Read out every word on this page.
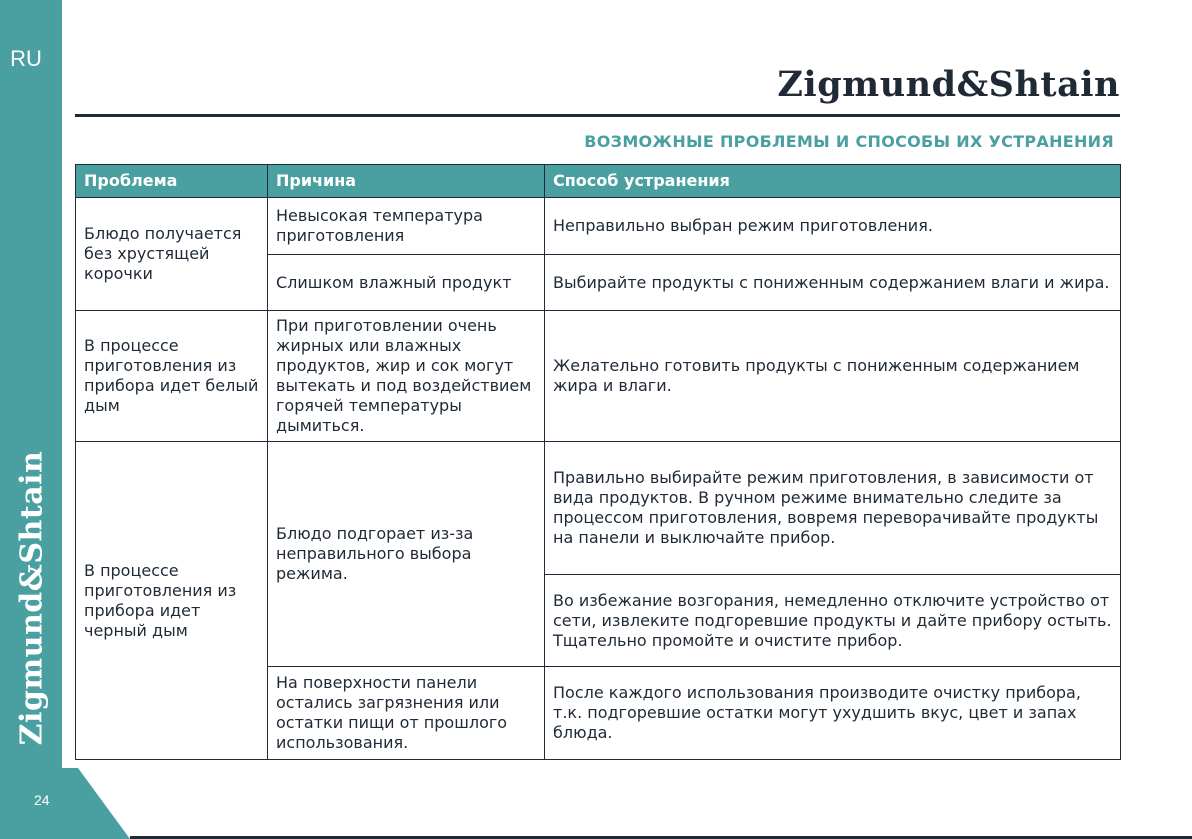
RU
Zigmund&Shtain
24
Zigmund&Shtain
ВОЗМОЖНЫЕ ПРОБЛЕМЫ И СПОСОБЫ ИХ УСТРАНЕНИЯ
Проблема	Причина	Способ устранения
Блюдо получается без хрустящей корочки	Невысокая температура приготовления	Неправильно выбран режим приготовления.
	Слишком влажный продукт	Выбирайте продукты с пониженным содержанием влаги и жира.
В процессе приготовления из прибора идет белый дым	При приготовлении очень жирных или влажных продуктов, жир и сок могут вытекать и под воздействием горячей температуры дымиться.	Желательно готовить продукты с пониженным содержанием жира и влаги.
В процессе приготовления из прибора идет черный дым	Блюдо подгорает из-за неправильного выбора режима.	Правильно выбирайте режим приготовления, в зависимости от вида продуктов. В ручном режиме внимательно следите за процессом приготовления, вовремя переворачивайте продукты на панели и выключайте прибор.
		Во избежание возгорания, немедленно отключите устройство от сети, извлеките подгоревшие продукты и дайте прибору остыть. Тщательно промойте и очистите прибор.
	На поверхности панели остались загрязнения или остатки пищи от прошлого использования.	После каждого использования производите очистку прибора, т.к. подгоревшие остатки могут ухудшить вкус, цвет и запах блюда.
